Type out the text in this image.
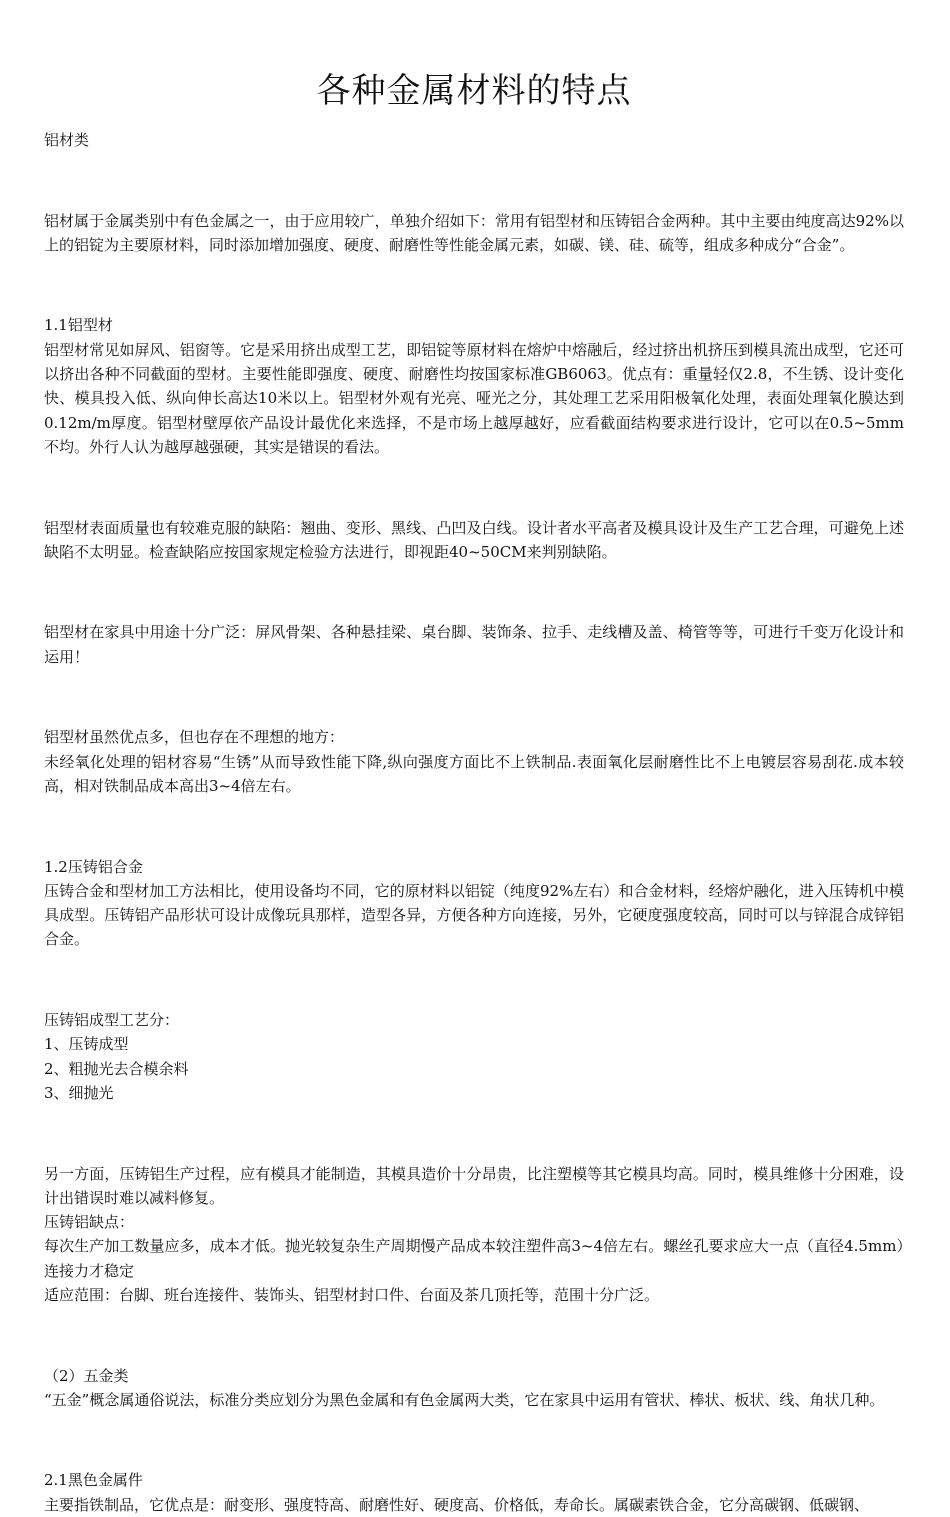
各种金属材料的特点

铝材类

铝材属于金属类别中有色金属之一，由于应用较广，单独介绍如下：常用有铝型材和压铸铝合金两种。其中主要由纯度高达92%以上的铝锭为主要原材料，同时添加增加强度、硬度、耐磨性等性能金属元素，如碳、镁、硅、硫等，组成多种成分“合金”。

1.1铝型材

铝型材常见如屏风、铝窗等。它是采用挤出成型工艺，即铝锭等原材料在熔炉中熔融后，经过挤出机挤压到模具流出成型，它还可以挤出各种不同截面的型材。主要性能即强度、硬度、耐磨性均按国家标准GB6063。优点有：重量轻仅2.8，不生锈、设计变化快、模具投入低、纵向伸长高达10米以上。铝型材外观有光亮、哑光之分，其处理工艺采用阳极氧化处理，表面处理氧化膜达到0.12m/m厚度。铝型材壁厚依产品设计最优化来选择，不是市场上越厚越好，应看截面结构要求进行设计，它可以在0.5~5mm不均。外行人认为越厚越强硬，其实是错误的看法。

铝型材表面质量也有较难克服的缺陷：翘曲、变形、黑线、凸凹及白线。设计者水平高者及模具设计及生产工艺合理，可避免上述缺陷不太明显。检查缺陷应按国家规定检验方法进行，即视距40~50CM来判别缺陷。

铝型材在家具中用途十分广泛：屏风骨架、各种悬挂梁、桌台脚、装饰条、拉手、走线槽及盖、椅管等等，可进行千变万化设计和运用！

铝型材虽然优点多，但也存在不理想的地方：

未经氧化处理的铝材容易“生锈”从而导致性能下降,纵向强度方面比不上铁制品.表面氧化层耐磨性比不上电镀层容易刮花.成本较高，相对铁制品成本高出3~4倍左右。

1.2压铸铝合金

压铸合金和型材加工方法相比，使用设备均不同，它的原材料以铝锭（纯度92%左右）和合金材料，经熔炉融化，进入压铸机中模具成型。压铸铝产品形状可设计成像玩具那样，造型各异，方便各种方向连接，另外，它硬度强度较高，同时可以与锌混合成锌铝合金。

压铸铝成型工艺分：

1、压铸成型

2、粗抛光去合模余料

3、细抛光

另一方面，压铸铝生产过程，应有模具才能制造，其模具造价十分昂贵，比注塑模等其它模具均高。同时，模具维修十分困难，设计出错误时难以减料修复。

压铸铝缺点：

每次生产加工数量应多，成本才低。抛光较复杂生产周期慢产品成本较注塑件高3~4倍左右。螺丝孔要求应大一点（直径4.5mm）连接力才稳定

适应范围：台脚、班台连接件、装饰头、铝型材封口件、台面及茶几顶托等，范围十分广泛。

（2）五金类

“五金”概念属通俗说法，标准分类应划分为黑色金属和有色金属两大类，它在家具中运用有管状、棒状、板状、线、角状几种。

2.1黑色金属件

主要指铁制品，它优点是：耐变形、强度特高、耐磨性好、硬度高、价格低，寿命长。属碳素铁合金，它分高碳钢、低碳钢、
